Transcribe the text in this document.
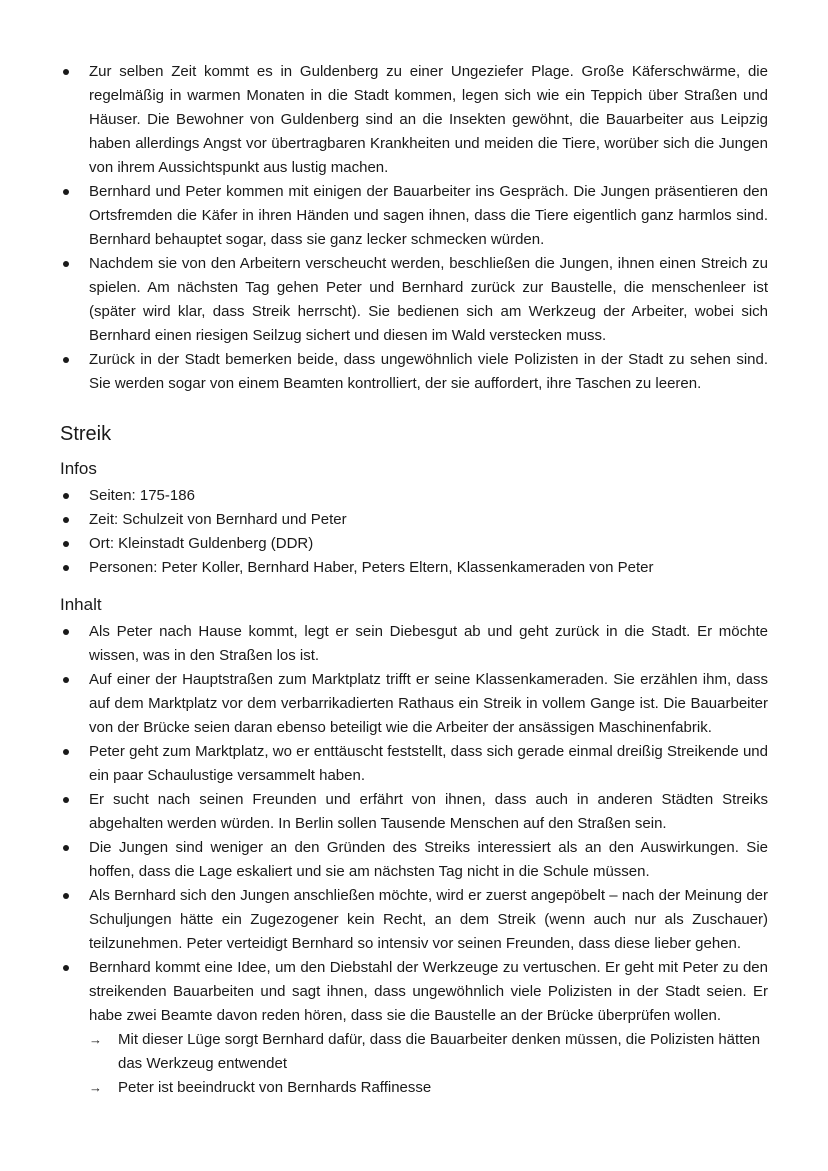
Zur selben Zeit kommt es in Guldenberg zu einer Ungeziefer Plage. Große Käferschwärme, die regelmäßig in warmen Monaten in die Stadt kommen, legen sich wie ein Teppich über Straßen und Häuser. Die Bewohner von Guldenberg sind an die Insekten gewöhnt, die Bauarbeiter aus Leipzig haben allerdings Angst vor übertragbaren Krankheiten und meiden die Tiere, worüber sich die Jungen von ihrem Aussichtspunkt aus lustig machen.
Bernhard und Peter kommen mit einigen der Bauarbeiter ins Gespräch. Die Jungen präsentieren den Ortsfremden die Käfer in ihren Händen und sagen ihnen, dass die Tiere eigentlich ganz harmlos sind. Bernhard behauptet sogar, dass sie ganz lecker schmecken würden.
Nachdem sie von den Arbeitern verscheucht werden, beschließen die Jungen, ihnen einen Streich zu spielen. Am nächsten Tag gehen Peter und Bernhard zurück zur Baustelle, die menschenleer ist (später wird klar, dass Streik herrscht). Sie bedienen sich am Werkzeug der Arbeiter, wobei sich Bernhard einen riesigen Seilzug sichert und diesen im Wald verstecken muss.
Zurück in der Stadt bemerken beide, dass ungewöhnlich viele Polizisten in der Stadt zu sehen sind. Sie werden sogar von einem Beamten kontrolliert, der sie auffordert, ihre Taschen zu leeren.
Streik
Infos
Seiten: 175-186
Zeit: Schulzeit von Bernhard und Peter
Ort: Kleinstadt Guldenberg (DDR)
Personen: Peter Koller, Bernhard Haber, Peters Eltern, Klassenkameraden von Peter
Inhalt
Als Peter nach Hause kommt, legt er sein Diebesgut ab und geht zurück in die Stadt. Er möchte wissen, was in den Straßen los ist.
Auf einer der Hauptstraßen zum Marktplatz trifft er seine Klassenkameraden. Sie erzählen ihm, dass auf dem Marktplatz vor dem verbarrikadierten Rathaus ein Streik in vollem Gange ist. Die Bauarbeiter von der Brücke seien daran ebenso beteiligt wie die Arbeiter der ansässigen Maschinenfabrik.
Peter geht zum Marktplatz, wo er enttäuscht feststellt, dass sich gerade einmal dreißig Streikende und ein paar Schaulustige versammelt haben.
Er sucht nach seinen Freunden und erfährt von ihnen, dass auch in anderen Städten Streiks abgehalten werden würden. In Berlin sollen Tausende Menschen auf den Straßen sein.
Die Jungen sind weniger an den Gründen des Streiks interessiert als an den Auswirkungen. Sie hoffen, dass die Lage eskaliert und sie am nächsten Tag nicht in die Schule müssen.
Als Bernhard sich den Jungen anschließen möchte, wird er zuerst angepöbelt – nach der Meinung der Schuljungen hätte ein Zugezogener kein Recht, an dem Streik (wenn auch nur als Zuschauer) teilzunehmen. Peter verteidigt Bernhard so intensiv vor seinen Freunden, dass diese lieber gehen.
Bernhard kommt eine Idee, um den Diebstahl der Werkzeuge zu vertuschen. Er geht mit Peter zu den streikenden Bauarbeiten und sagt ihnen, dass ungewöhnlich viele Polizisten in der Stadt seien. Er habe zwei Beamte davon reden hören, dass sie die Baustelle an der Brücke überprüfen wollen.
→ Mit dieser Lüge sorgt Bernhard dafür, dass die Bauarbeiter denken müssen, die Polizisten hätten das Werkzeug entwendet
→ Peter ist beeindruckt von Bernhards Raffinesse
